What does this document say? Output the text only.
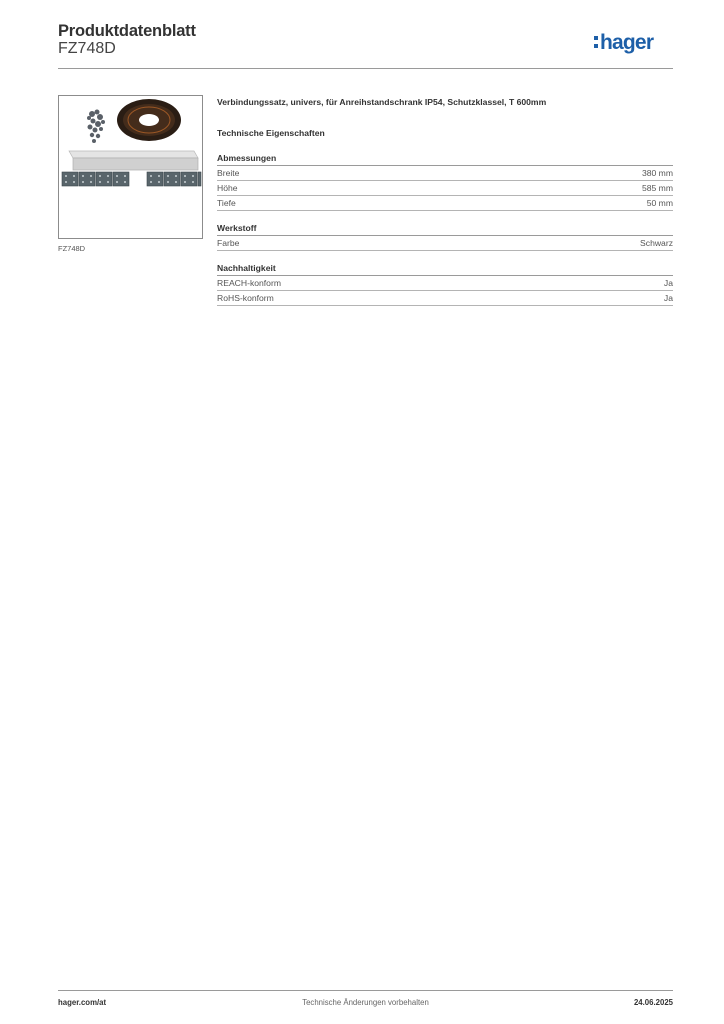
Produktdatenblatt
FZ748D	hager
FZ748D

Verbindungssatz, univers, für Anreihstandschrank IP54, Schutzklassel, T 600mm

Technische Eigenschaften

Abmessungen
Breite	380 mm
Höhe	585 mm
Tiefe	50 mm
Werkstoff
Farbe	Schwarz
Nachhaltigkeit
REACH-konform	Ja
RoHS-konform	Ja
hager.com/at	Technische Änderungen vorbehalten	24.06.2025
